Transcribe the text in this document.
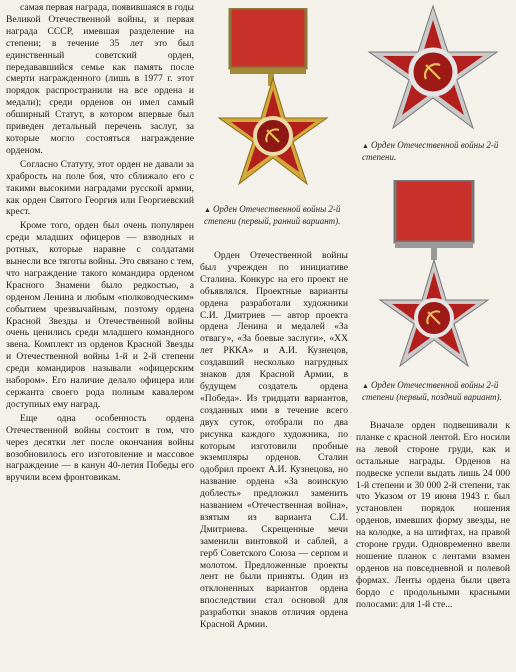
самая первая награда, появившаяся в годы Великой Отечественной войны, и первая награда СССР, имевшая разделение на степени; в течение 35 лет это был единственный советский орден, передававшийся семье как память после смерти награжденного (лишь в 1977 г. этот порядок распространили на все ордена и медали); среди орденов он имел самый обширный Статут, в котором впервые был приведен детальный перечень заслуг, за которые могло состояться награждение орденом.

Согласно Статуту, этот орден не давали за храбрость на поле боя, что сближало его с такими высокими наградами русской армии, как орден Святого Георгия или Георгиевский крест.

Кроме того, орден был очень популярен среди младших офицеров — взводных и ротных, которые наравне с солдатами вынесли все тяготы войны. Это связано с тем, что награждение такого командира орденом Красного Знамени было редкостью, а орденом Ленина и любым «полководческим» событием чрезвычайным, поэтому ордена Красной Звезды и Отечественной войны очень ценились среди младшего командного звена. Комплект из орденов Красной Звезды и Отечественной войны 1-й и 2-й степени среди командиров называли «офицерским набором». Его наличие делало офицера или сержанта своего рода полным кавалером доступных ему наград.

Еще одна особенность ордена Отечественной войны состоит в том, что через десятки лет после окончания войны возобновилось его изготовление и массовое награждение — в канун 40-летия Победы его вручили всем фронтовикам.

Орден Отечественной войны был учрежден по инициативе Сталина. Конкурс на его проект не объявлялся. Проектные варианты ордена разработали художники С.И. Дмитриев — автор проекта ордена Ленина и медалей «За отвагу», «За боевые заслуги», «XX лет РККА» и А.И. Кузнецов, создавший несколько нагрудных знаков для Красной Армии, в будущем создатель ордена «Победа». Из тридцати вариантов, созданных ими в течение всего двух суток, отобрали по два рисунка каждого художника, по которым изготовили пробные экземпляры орденов. Сталин одобрил проект А.И. Кузнецова, но название ордена «За воинскую доблесть» предложил заменить названием «Отечественная война», взятым из варианта С.И. Дмитриева. Скрещенные мечи заменили винтовкой и саблей, а герб Советского Союза — серпом и молотом. Предложенные проекты лент не были приняты. Один из отклоненных вариантов ордена впоследствии стал основой для разработки знаков отличия ордена Красной Армии.

Вначале орден подвешивали к планке с красной лентой. Его носили на левой стороне груди, как и остальные награды. Орденов на подвеске успели выдать лишь 24 000 1-й степени и 30 000 2-й степени, так что Указом от 19 июня 1943 г. был установлен порядок ношения орденов, имевших форму звезды, не на колодке, а на штифтах, на правой стороне груди. Одновременно ввели ношение планок с лентами взамен орденов на повседневной и полевой формах. Ленты ордена были цвета бордо с продольными красными полосами: для 1-й сте...

▲ Орден Отечественной войны 2-й степени (первый, ранний вариант).
▲ Орден Отечественной войны 2-й степени.
▲ Орден Отечественной войны 2-й степени (первый, поздний вариант).
